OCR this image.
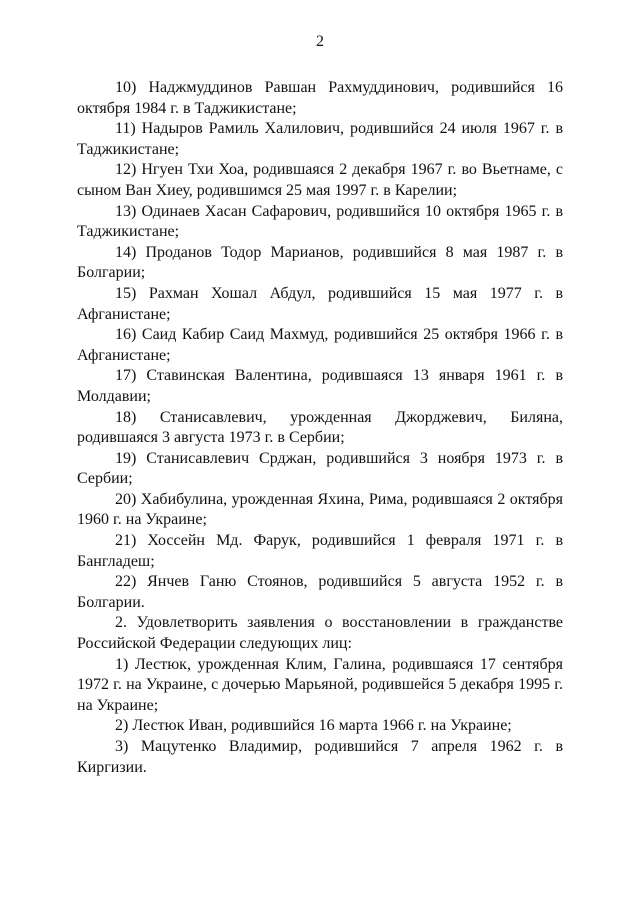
2

10) Наджмуддинов Равшан Рахмуддинович, родившийся 16 октября 1984 г. в Таджикистане;

11) Надыров Рамиль Халилович, родившийся 24 июля 1967 г. в Таджикистане;

12) Нгуен Тхи Хоа, родившаяся 2 декабря 1967 г. во Вьетнаме, с сыном Ван Хиеу, родившимся 25 мая 1997 г. в Карелии;

13) Одинаев Хасан Сафарович, родившийся 10 октября 1965 г. в Таджикистане;

14) Проданов Тодор Марианов, родившийся 8 мая 1987 г. в Болгарии;

15) Рахман Хошал Абдул, родившийся 15 мая 1977 г. в Афганистане;

16) Саид Кабир Саид Махмуд, родившийся 25 октября 1966 г. в Афганистане;

17) Ставинская Валентина, родившаяся 13 января 1961 г. в Молдавии;

18) Станисавлевич, урожденная Джорджевич, Биляна, родившаяся 3 августа 1973 г. в Сербии;

19) Станисавлевич Срджан, родившийся 3 ноября 1973 г. в Сербии;

20) Хабибулина, урожденная Яхина, Рима, родившаяся 2 октября 1960 г. на Украине;

21) Хоссейн Мд. Фарук, родившийся 1 февраля 1971 г. в Бангладеш;

22) Янчев Ганю Стоянов, родившийся 5 августа 1952 г. в Болгарии.

2. Удовлетворить заявления о восстановлении в гражданстве Российской Федерации следующих лиц:

1) Лестюк, урожденная Клим, Галина, родившаяся 17 сентября 1972 г. на Украине, с дочерью Марьяной, родившейся 5 декабря 1995 г. на Украине;

2) Лестюк Иван, родившийся 16 марта 1966 г. на Украине;

3) Мацутенко Владимир, родившийся 7 апреля 1962 г. в Киргизии.
